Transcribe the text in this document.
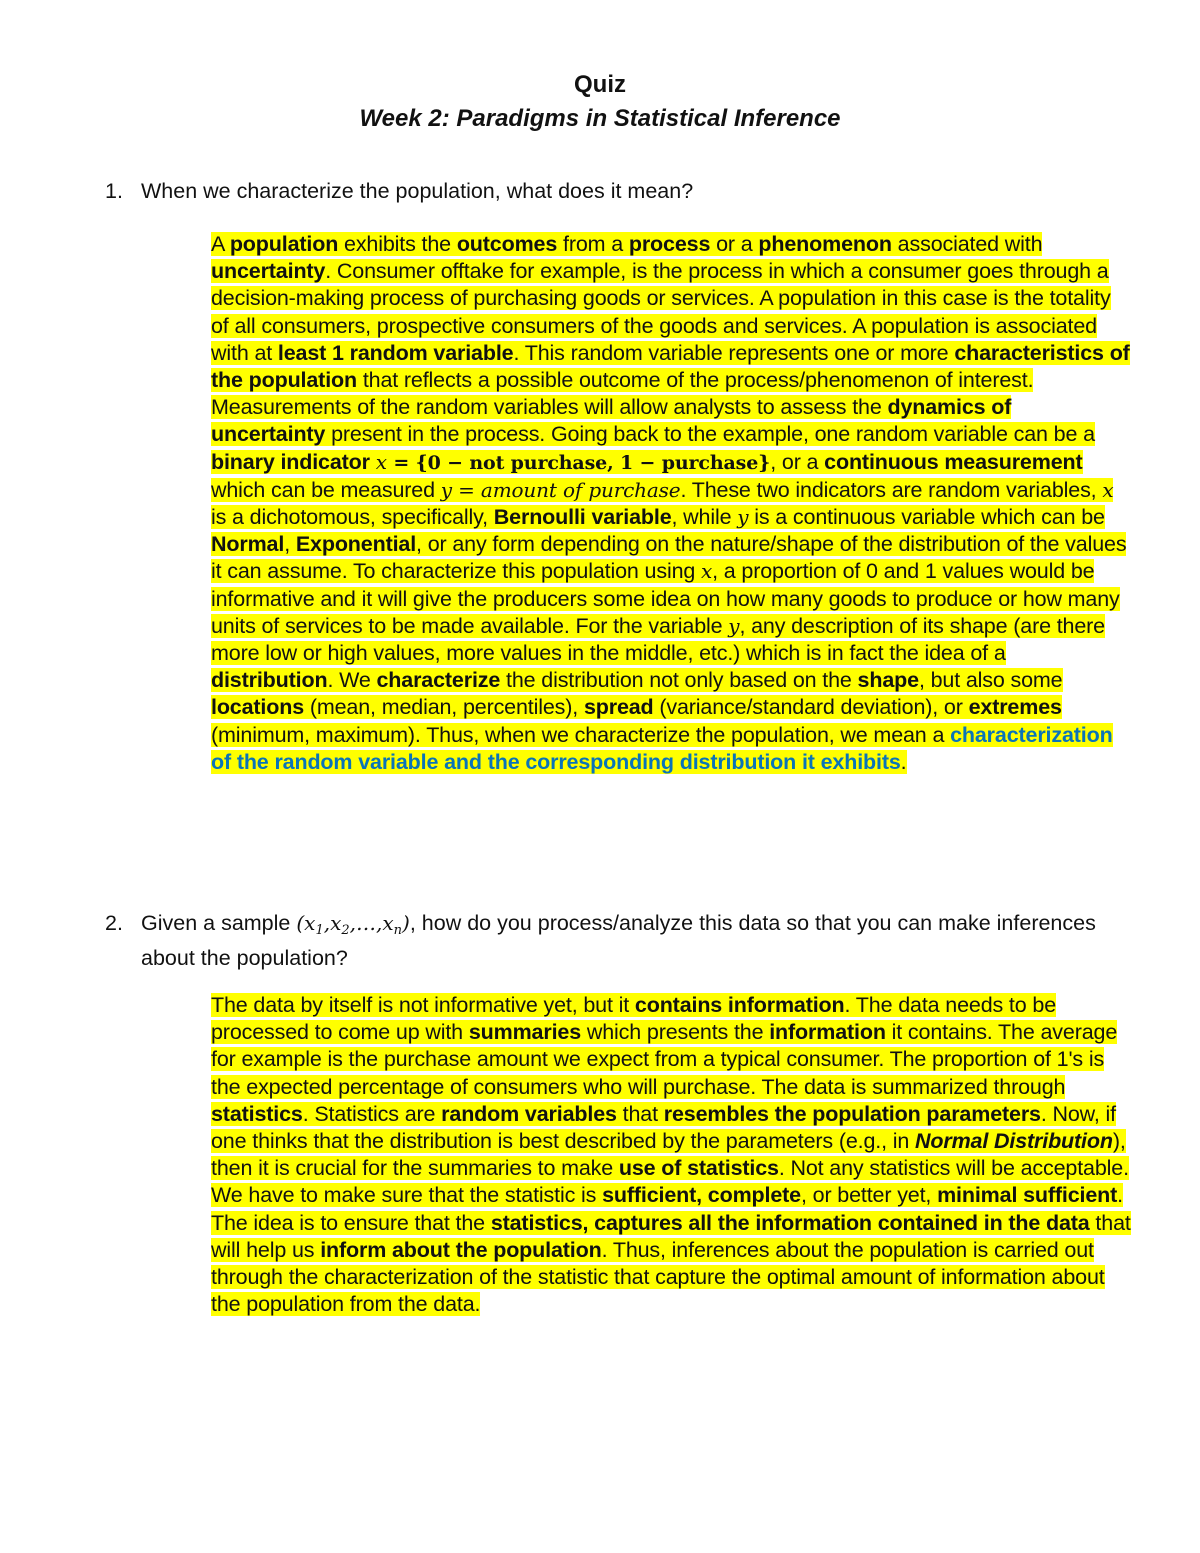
Quiz
Week 2: Paradigms in Statistical Inference
1. When we characterize the population, what does it mean?
A population exhibits the outcomes from a process or a phenomenon associated with uncertainty. Consumer offtake for example, is the process in which a consumer goes through a decision-making process of purchasing goods or services. A population in this case is the totality of all consumers, prospective consumers of the goods and services. A population is associated with at least 1 random variable. This random variable represents one or more characteristics of the population that reflects a possible outcome of the process/phenomenon of interest. Measurements of the random variables will allow analysts to assess the dynamics of uncertainty present in the process. Going back to the example, one random variable can be a binary indicator x = {0 − not purchase, 1 − purchase}, or a continuous measurement which can be measured y = amount of purchase. These two indicators are random variables, x is a dichotomous, specifically, Bernoulli variable, while y is a continuous variable which can be Normal, Exponential, or any form depending on the nature/shape of the distribution of the values it can assume. To characterize this population using x, a proportion of 0 and 1 values would be informative and it will give the producers some idea on how many goods to produce or how many units of services to be made available. For the variable y, any description of its shape (are there more low or high values, more values in the middle, etc.) which is in fact the idea of a distribution. We characterize the distribution not only based on the shape, but also some locations (mean, median, percentiles), spread (variance/standard deviation), or extremes (minimum, maximum). Thus, when we characterize the population, we mean a characterization of the random variable and the corresponding distribution it exhibits.
2. Given a sample $(x_1,x_2,\dots,x_n)$, how do you process/analyze this data so that you can make inferences about the population?
The data by itself is not informative yet, but it contains information. The data needs to be processed to come up with summaries which presents the information it contains. The average for example is the purchase amount we expect from a typical consumer. The proportion of 1's is the expected percentage of consumers who will purchase. The data is summarized through statistics. Statistics are random variables that resembles the population parameters. Now, if one thinks that the distribution is best described by the parameters (e.g., in Normal Distribution), then it is crucial for the summaries to make use of statistics. Not any statistics will be acceptable. We have to make sure that the statistic is sufficient, complete, or better yet, minimal sufficient. The idea is to ensure that the statistics, captures all the information contained in the data that will help us inform about the population. Thus, inferences about the population is carried out through the characterization of the statistic that capture the optimal amount of information about the population from the data.
